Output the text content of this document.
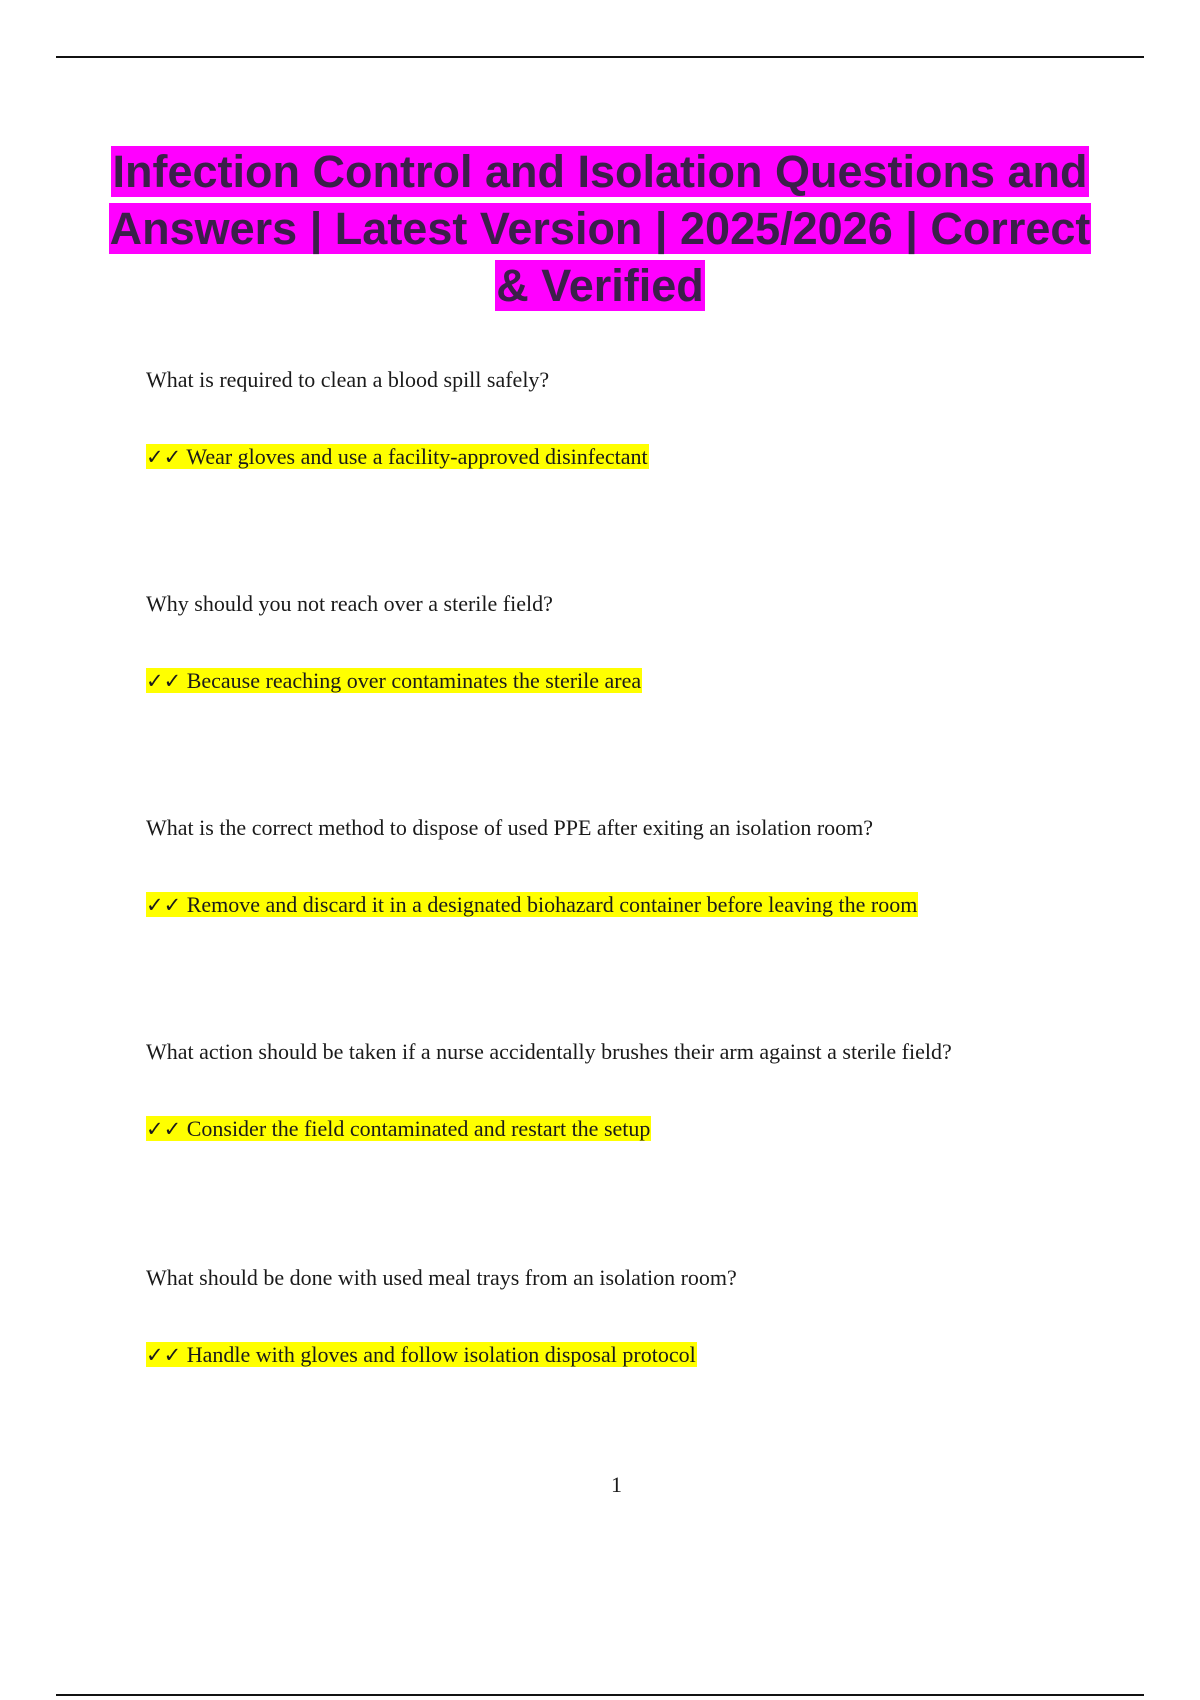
Infection Control and Isolation Questions and Answers | Latest Version | 2025/2026 | Correct & Verified
What is required to clean a blood spill safely?
✓✓ Wear gloves and use a facility-approved disinfectant
Why should you not reach over a sterile field?
✓✓ Because reaching over contaminates the sterile area
What is the correct method to dispose of used PPE after exiting an isolation room?
✓✓ Remove and discard it in a designated biohazard container before leaving the room
What action should be taken if a nurse accidentally brushes their arm against a sterile field?
✓✓ Consider the field contaminated and restart the setup
What should be done with used meal trays from an isolation room?
✓✓ Handle with gloves and follow isolation disposal protocol
1
